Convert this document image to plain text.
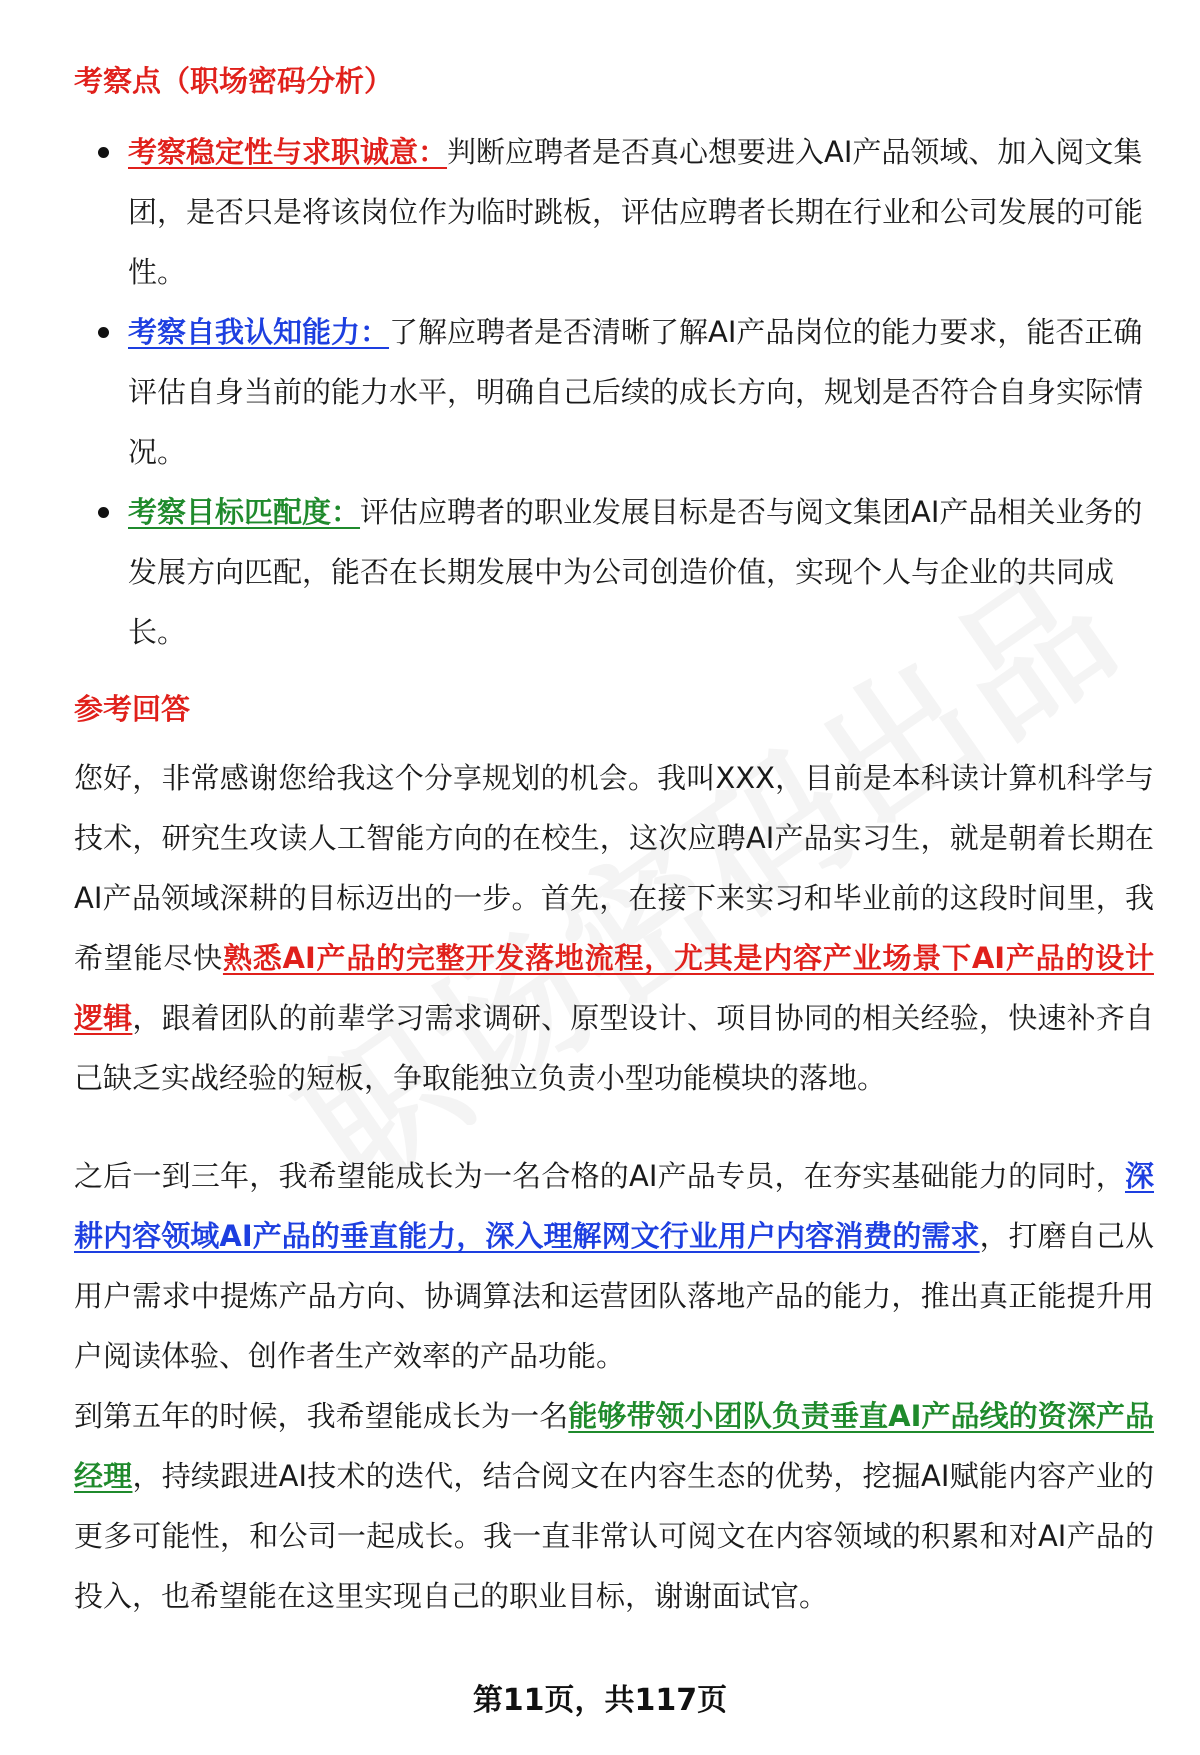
考察点（职场密码分析）
考察稳定性与求职诚意：判断应聘者是否真心想要进入AI产品领域、加入阅文集团，是否只是将该岗位作为临时跳板，评估应聘者长期在行业和公司发展的可能性。
考察自我认知能力：了解应聘者是否清晰了解AI产品岗位的能力要求，能否正确评估自身当前的能力水平，明确自己后续的成长方向，规划是否符合自身实际情况。
考察目标匹配度：评估应聘者的职业发展目标是否与阅文集团AI产品相关业务的发展方向匹配，能否在长期发展中为公司创造价值，实现个人与企业的共同成长。
参考回答

您好，非常感谢您给我这个分享规划的机会。我叫XXX，目前是本科读计算机科学与技术，研究生攻读人工智能方向的在校生，这次应聘AI产品实习生，就是朝着长期在AI产品领域深耕的目标迈出的一步。首先，在接下来实习和毕业前的这段时间里，我希望能尽快熟悉AI产品的完整开发落地流程，尤其是内容产业场景下AI产品的设计逻辑，跟着团队的前辈学习需求调研、原型设计、项目协同的相关经验，快速补齐自己缺乏实战经验的短板，争取能独立负责小型功能模块的落地。

之后一到三年，我希望能成长为一名合格的AI产品专员，在夯实基础能力的同时，深耕内容领域AI产品的垂直能力，深入理解网文行业用户内容消费的需求，打磨自己从用户需求中提炼产品方向、协调算法和运营团队落地产品的能力，推出真正能提升用户阅读体验、创作者生产效率的产品功能。

到第五年的时候，我希望能成长为一名能够带领小团队负责垂直AI产品线的资深产品经理，持续跟进AI技术的迭代，结合阅文在内容生态的优势，挖掘AI赋能内容产业的更多可能性，和公司一起成长。我一直非常认可阅文在内容领域的积累和对AI产品的投入，也希望能在这里实现自己的职业目标，谢谢面试官。

第11页，共117页
